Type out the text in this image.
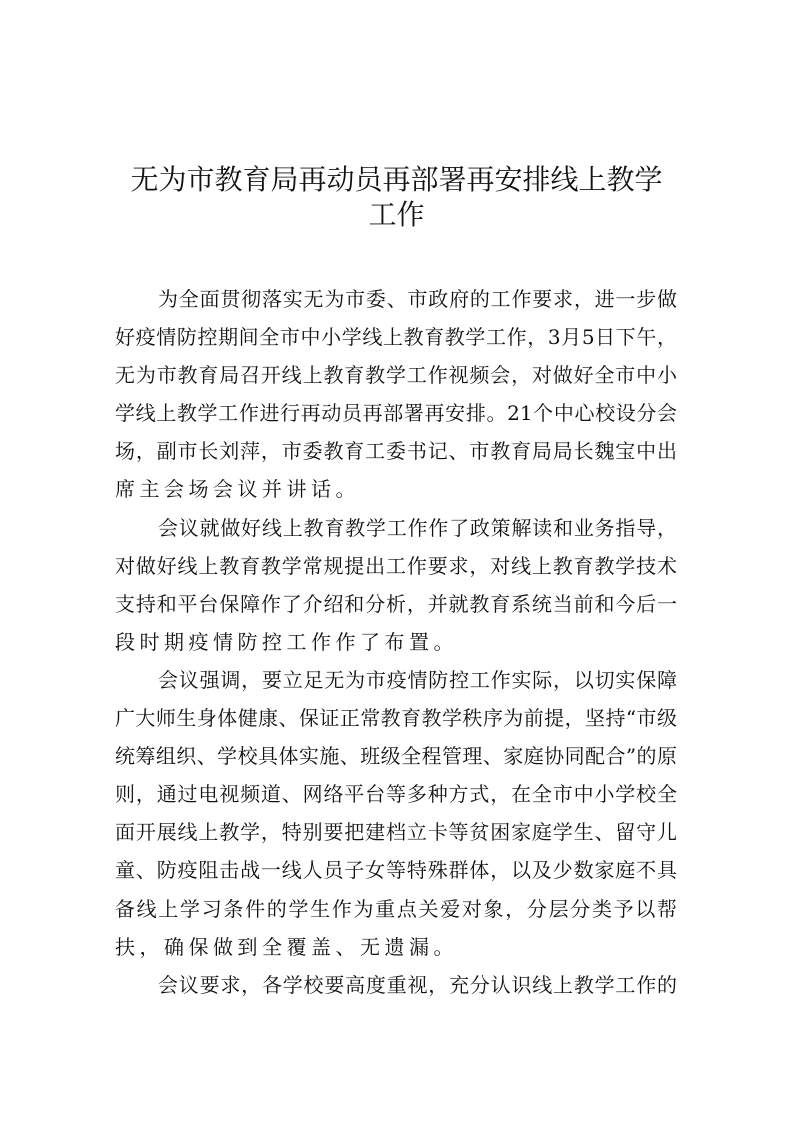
无为市教育局再动员再部署再安排线上教学
工作
为全面贯彻落实无为市委、市政府的工作要求，进一步做
好疫情防控期间全市中小学线上教育教学工作，3月5日下午，
无为市教育局召开线上教育教学工作视频会，对做好全市中小
学线上教学工作进行再动员再部署再安排。21个中心校设分会
场，副市长刘萍，市委教育工委书记、市教育局局长魏宝中出
席主会场会议并讲话。
会议就做好线上教育教学工作作了政策解读和业务指导，
对做好线上教育教学常规提出工作要求，对线上教育教学技术
支持和平台保障作了介绍和分析，并就教育系统当前和今后一
段时期疫情防控工作作了布置。
会议强调，要立足无为市疫情防控工作实际，以切实保障
广大师生身体健康、保证正常教育教学秩序为前提，坚持“市级
统筹组织、学校具体实施、班级全程管理、家庭协同配合”的原
则，通过电视频道、网络平台等多种方式，在全市中小学校全
面开展线上教学，特别要把建档立卡等贫困家庭学生、留守儿
童、防疫阻击战一线人员子女等特殊群体，以及少数家庭不具
备线上学习条件的学生作为重点关爱对象，分层分类予以帮
扶，确保做到全覆盖、无遗漏。
会议要求，各学校要高度重视，充分认识线上教学工作的
